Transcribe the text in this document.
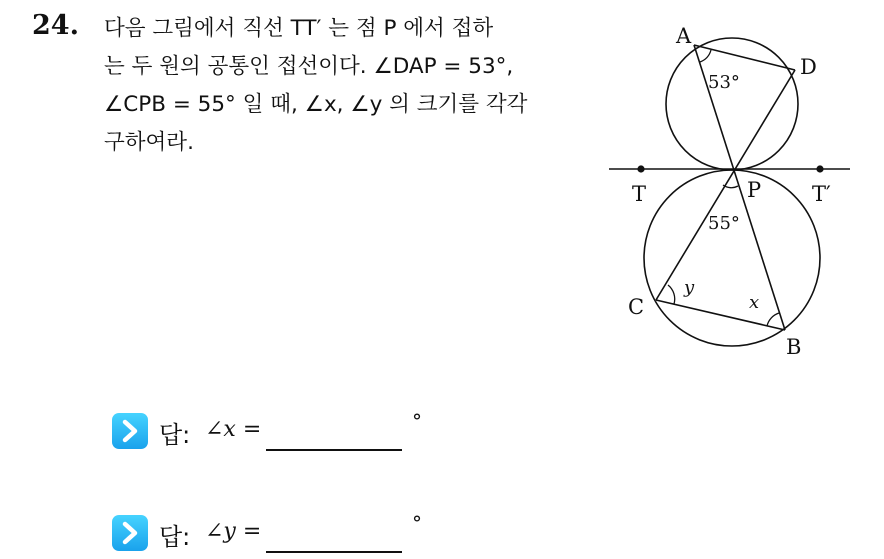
24. 다음 그림에서 직선 TT′ 는 점 P 에서 접하
는 두 원의 공통인 접선이다. ∠DAP = 53°,
∠CPB = 55° 일 때, ∠x, ∠y 의 크기를 각각
구하여라.
A
D
P
T	T′
C
B
53°
55°
y
x
답: ∠x =	°
답: ∠y =	°
